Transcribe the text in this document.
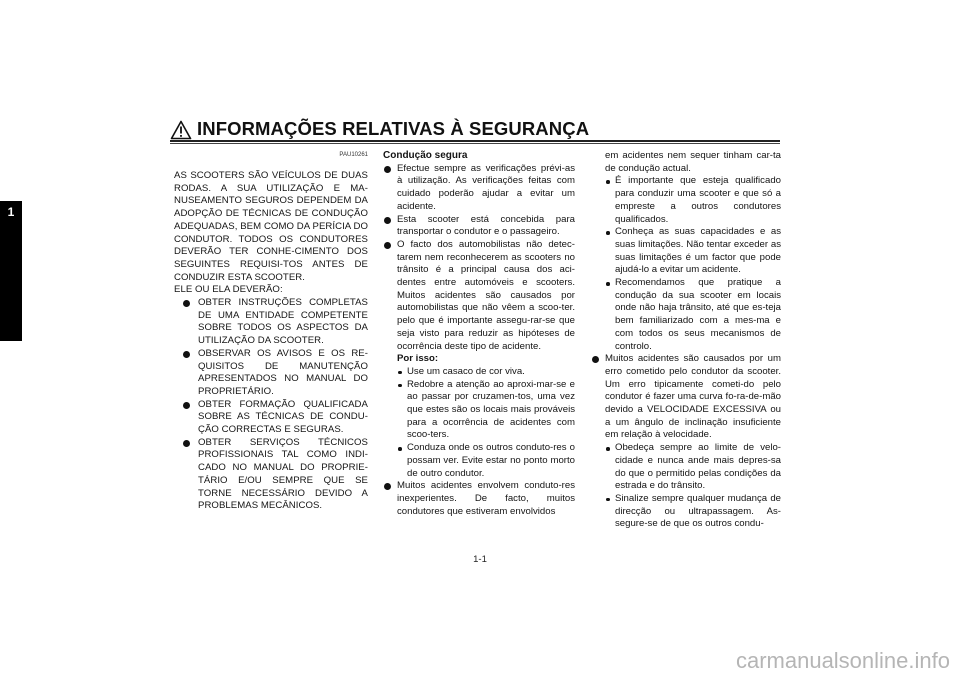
1
INFORMAÇÕES RELATIVAS À SEGURANÇA
PAU10261

AS SCOOTERS SÃO VEÍCULOS DE DUAS RODAS. A SUA UTILIZAÇÃO E MA-NUSEAMENTO SEGUROS DEPENDEM DA ADOPÇÃO DE TÉCNICAS DE CONDUÇÃO ADEQUADAS, BEM COMO DA PERÍCIA DO CONDUTOR. TODOS OS CONDUTORES DEVERÃO TER CONHE-CIMENTO DOS SEGUINTES REQUISI-TOS ANTES DE CONDUZIR ESTA SCOOTER.

ELE OU ELA DEVERÃO:

OBTER INSTRUÇÕES COMPLETAS DE UMA ENTIDADE COMPETENTE SOBRE TODOS OS ASPECTOS DA UTILIZAÇÃO DA SCOOTER.
OBSERVAR OS AVISOS E OS RE-QUISITOS DE MANUTENÇÃO APRESENTADOS NO MANUAL DO PROPRIETÁRIO.
OBTER FORMAÇÃO QUALIFICADA SOBRE AS TÉCNICAS DE CONDU-ÇÃO CORRECTAS E SEGURAS.
OBTER SERVIÇOS TÉCNICOS PROFISSIONAIS TAL COMO INDI-CADO NO MANUAL DO PROPRIE-TÁRIO E/OU SEMPRE QUE SE TORNE NECESSÁRIO DEVIDO A PROBLEMAS MECÂNICOS.
Condução segura
Efectue sempre as verificações prévi-as à utilização. As verificações feitas com cuidado poderão ajudar a evitar um acidente.
Esta scooter está concebida para transportar o condutor e o passageiro.
O facto dos automobilistas não detec-tarem nem reconhecerem as scooters no trânsito é a principal causa dos aci-dentes entre automóveis e scooters. Muitos acidentes são causados por automobilistas que não vêem a scoo-ter. pelo que é importante assegu-rar-se que seja visto para reduzir as hipóteses de ocorrência deste tipo de acidente.
Por isso:
Use um casaco de cor viva.
Redobre a atenção ao aproxi-mar-se e ao passar por cruzamen-tos, uma vez que estes são os locais mais prováveis para a ocorrência de acidentes com scoo-ters.
Conduza onde os outros conduto-res o possam ver. Evite estar no ponto morto de outro condutor.
Muitos acidentes envolvem conduto-res inexperientes. De facto, muitos condutores que estiveram envolvidos

em acidentes nem sequer tinham car-ta de condução actual.

É importante que esteja qualificado para conduzir uma scooter e que só a empreste a outros condutores qualificados.
Conheça as suas capacidades e as suas limitações. Não tentar exceder as suas limitações é um factor que pode ajudá-lo a evitar um acidente.
Recomendamos que pratique a condução da sua scooter em locais onde não haja trânsito, até que es-teja bem familiarizado com a mes-ma e com todos os seus mecanismos de controlo.
Muitos acidentes são causados por um erro cometido pelo condutor da scooter. Um erro tipicamente cometi-do pelo condutor é fazer uma curva fo-ra-de-mão devido a VELOCIDADE EXCESSIVA ou a um ângulo de inclinação insuficiente em relação à velocidade.
Obedeça sempre ao limite de velo-cidade e nunca ande mais depres-sa do que o permitido pelas condições da estrada e do trânsito.
Sinalize sempre qualquer mudança de direcção ou ultrapassagem. As-segure-se de que os outros condu-
1-1
carmanualsonline.info
